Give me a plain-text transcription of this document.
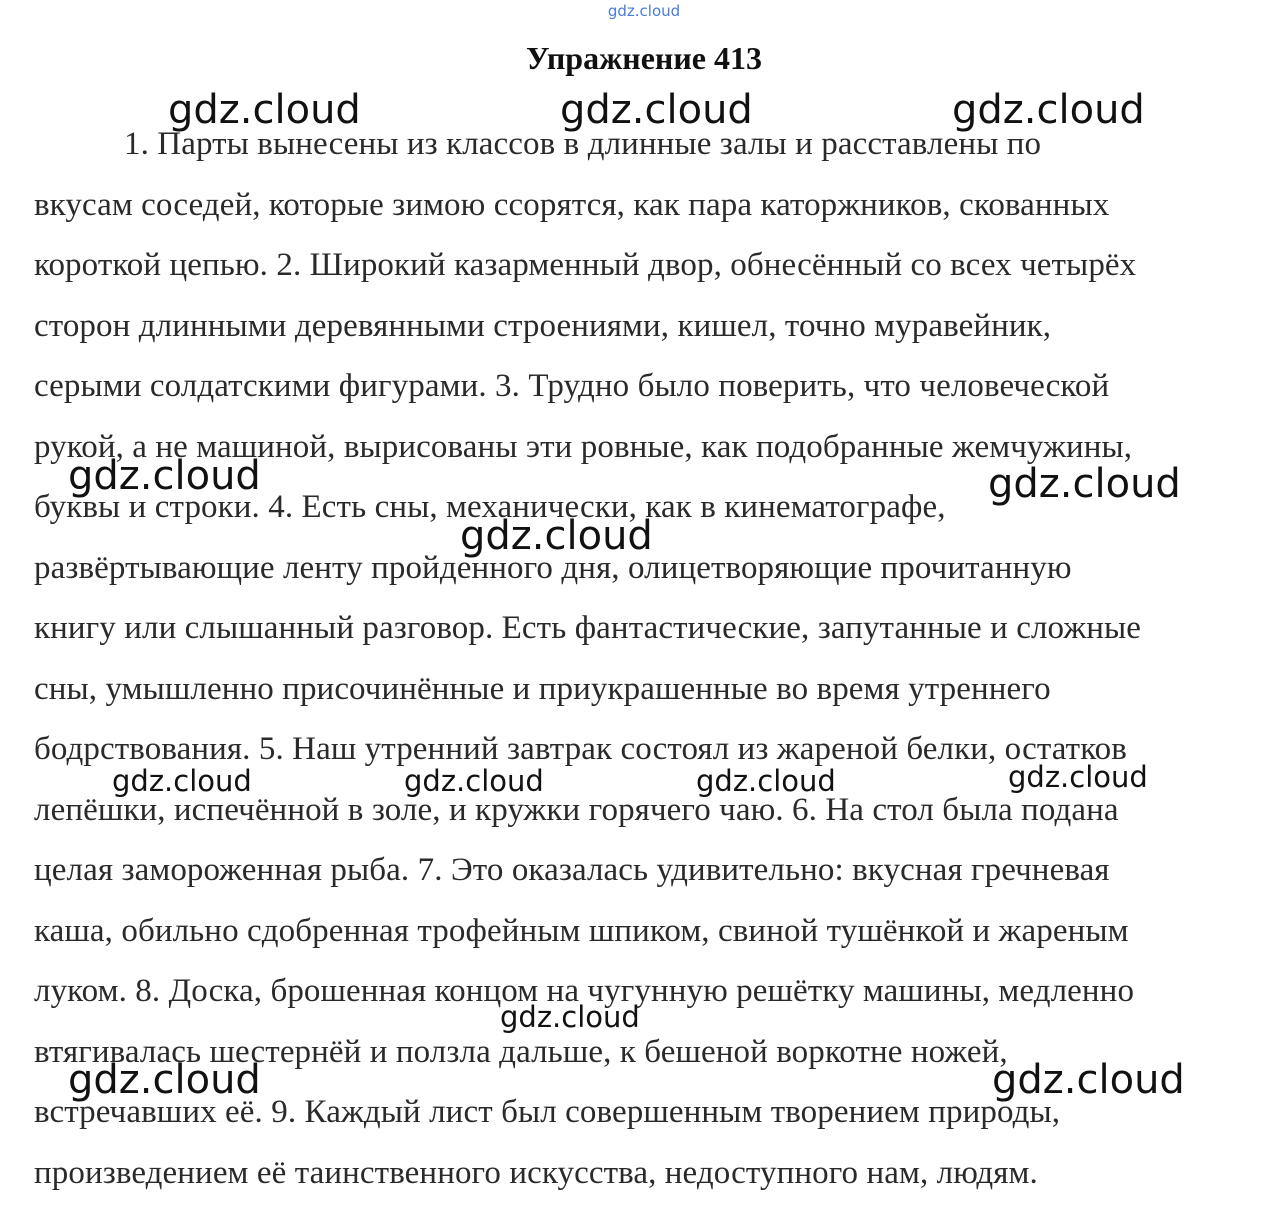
gdz.cloud
Упражнение 413
1. Парты вынесены из классов в длинные залы и расставлены по
вкусам соседей, которые зимою ссорятся, как пара каторжников, скованных
короткой цепью. 2. Широкий казарменный двор, обнесённый со всех четырёх
сторон длинными деревянными строениями, кишел, точно муравейник,
серыми солдатскими фигурами. 3. Трудно было поверить, что человеческой
рукой, а не машиной, вырисованы эти ровные, как подобранные жемчужины,
буквы и строки. 4. Есть сны, механически, как в кинематографе,
развёртывающие ленту пройденного дня, олицетворяющие прочитанную
книгу или слышанный разговор. Есть фантастические, запутанные и сложные
сны, умышленно присочинённые и приукрашенные во время утреннего
бодрствования. 5. Наш утренний завтрак состоял из жареной белки, остатков
лепёшки, испечённой в золе, и кружки горячего чаю. 6. На стол была подана
целая замороженная рыба. 7. Это оказалась удивительно: вкусная гречневая
каша, обильно сдобренная трофейным шпиком, свиной тушёнкой и жареным
луком. 8. Доска, брошенная концом на чугунную решётку машины, медленно
втягивалась шестернёй и ползла дальше, к бешеной воркотне ножей,
встречавших её. 9. Каждый лист был совершенным творением природы,
произведением её таинственного искусства, недоступного нам, людям.
gdz.cloud	gdz.cloud	gdz.cloud
gdz.cloud	gdz.cloud
gdz.cloud
gdz.cloud	gdz.cloud	gdz.cloud	gdz.cloud
gdz.cloud
gdz.cloud	gdz.cloud
